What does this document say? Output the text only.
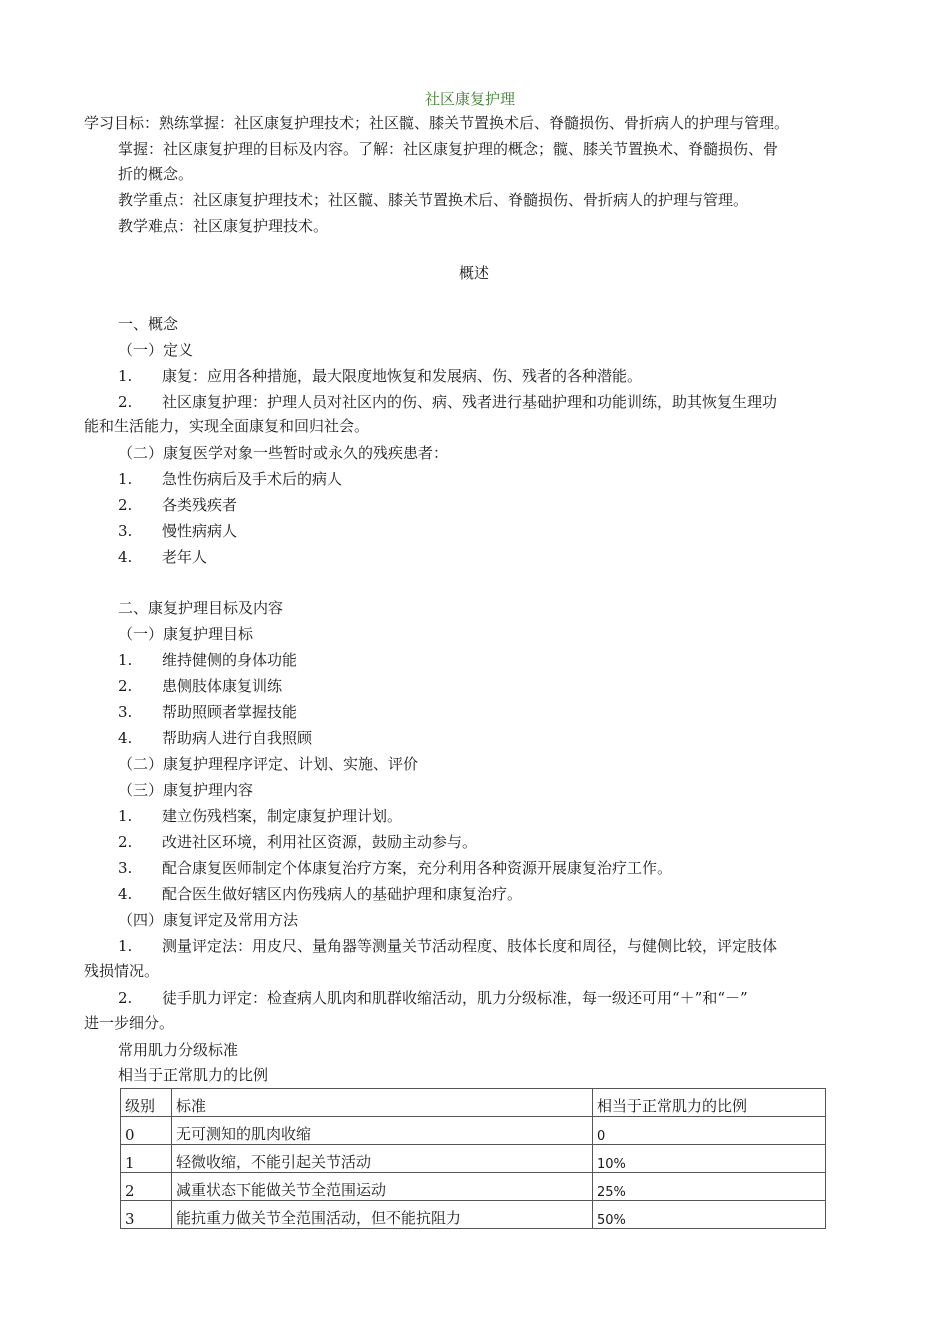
社区康复护理
学习目标：熟练掌握：社区康复护理技术；社区髋、膝关节置换术后、脊髓损伤、骨折病人的护理与管理。
掌握：社区康复护理的目标及内容。了解：社区康复护理的概念；髋、膝关节置换术、脊髓损伤、骨
折的概念。
教学重点：社区康复护理技术；社区髋、膝关节置换术后、脊髓损伤、骨折病人的护理与管理。
教学难点：社区康复护理技术。
概述
一、概念
（一）定义
1. 康复：应用各种措施，最大限度地恢复和发展病、伤、残者的各种潜能。
2. 社区康复护理：护理人员对社区内的伤、病、残者进行基础护理和功能训练，助其恢复生理功
能和生活能力，实现全面康复和回归社会。
（二）康复医学对象一些暂时或永久的残疾患者：
1. 急性伤病后及手术后的病人
2. 各类残疾者
3. 慢性病病人
4. 老年人
二、康复护理目标及内容
（一）康复护理目标
1. 维持健侧的身体功能
2. 患侧肢体康复训练
3. 帮助照顾者掌握技能
4. 帮助病人进行自我照顾
（二）康复护理程序评定、计划、实施、评价
（三）康复护理内容
1. 建立伤残档案，制定康复护理计划。
2. 改进社区环境，利用社区资源，鼓励主动参与。
3. 配合康复医师制定个体康复治疗方案，充分利用各种资源开展康复治疗工作。
4. 配合医生做好辖区内伤残病人的基础护理和康复治疗。
（四）康复评定及常用方法
1. 测量评定法：用皮尺、量角器等测量关节活动程度、肢体长度和周径，与健侧比较，评定肢体
残损情况。
2. 徒手肌力评定：检查病人肌肉和肌群收缩活动，肌力分级标准，每一级还可用“＋”和“－”
进一步细分。
常用肌力分级标准
相当于正常肌力的比例
级别	标准	相当于正常肌力的比例
0	无可测知的肌肉收缩	0
1	轻微收缩，不能引起关节活动	10%
2	减重状态下能做关节全范围运动	25%
3	能抗重力做关节全范围活动，但不能抗阻力	50%
